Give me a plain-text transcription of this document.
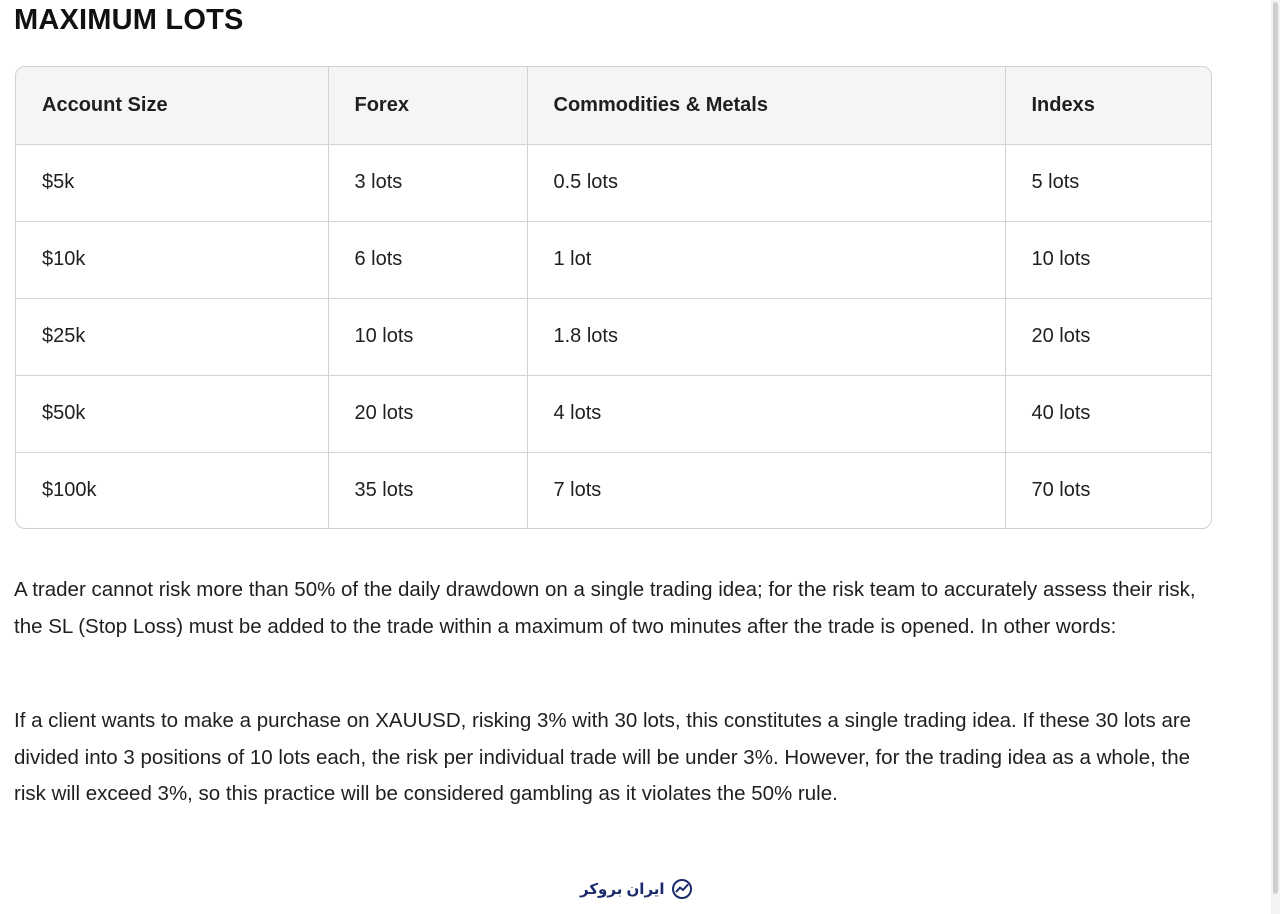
MAXIMUM LOTS
Account Size	Forex	Commodities & Metals	Indexs
$5k	3 lots	0.5 lots	5 lots
$10k	6 lots	1 lot	10 lots
$25k	10 lots	1.8 lots	20 lots
$50k	20 lots	4 lots	40 lots
$100k	35 lots	7 lots	70 lots

A trader cannot risk more than 50% of the daily drawdown on a single trading idea; for the risk team to accurately assess their risk, the SL (Stop Loss) must be added to the trade within a maximum of two minutes after the trade is opened. In other words:

If a client wants to make a purchase on XAUUSD, risking 3% with 30 lots, this constitutes a single trading idea. If these 30 lots are divided into 3 positions of 10 lots each, the risk per individual trade will be under 3%. However, for the trading idea as a whole, the risk will exceed 3%, so this practice will be considered gambling as it violates the 50% rule.

ایران بروکر
